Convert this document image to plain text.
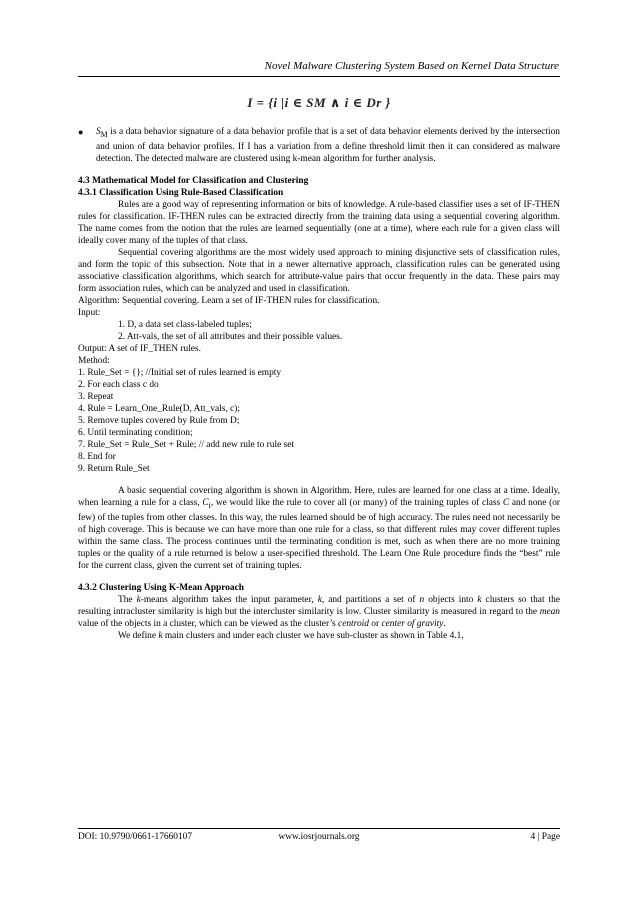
Novel Malware Clustering System Based on Kernel Data Structure
I = {i |i ∈ SM ∧ i ∈ Dr }
●	$S_M$ is a data behavior signature of a data behavior profile that is a set of data behavior elements derived by the intersection and union of data behavior profiles. If I has a variation from a define threshold limit then it can considered as malware detection. The detected malware are clustered using k-mean algorithm for further analysis.

4.3 Mathematical Model for Classification and Clustering

4.3.1 Classification Using Rule-Based Classification

Rules are a good way of representing information or bits of knowledge. A rule-based classifier uses a set of IF-THEN rules for classification. IF-THEN rules can be extracted directly from the training data using a sequential covering algorithm. The name comes from the notion that the rules are learned sequentially (one at a time), where each rule for a given class will ideally cover many of the tuples of that class.

Sequential covering algorithms are the most widely used approach to mining disjunctive sets of classification rules, and form the topic of this subsection. Note that in a newer alternative approach, classification rules can be generated using associative classification algorithms, which search for attribute-value pairs that occur frequently in the data. These pairs may form association rules, which can be analyzed and used in classification.

Algorithm: Sequential covering. Learn a set of IF-THEN rules for classification.

Input:

1. D, a data set class-labeled tuples;

2. Att-vals, the set of all attributes and their possible values.

Output: A set of IF_THEN rules.

Method:

1. Rule_Set = {}; //Initial set of rules learned is empty

2. For each class c do

3. Repeat

4. Rule = Learn_One_Rule(D, Att_vals, c);

5. Remove tuples covered by Rule from D;

6. Until terminating condition;

7. Rule_Set = Rule_Set + Rule; // add new rule to rule set

8. End for

9. Return Rule_Set

A basic sequential covering algorithm is shown in Algorithm. Here, rules are learned for one class at a time. Ideally, when learning a rule for a class, $C_i$, we would like the rule to cover all (or many) of the training tuples of class C and none (or few) of the tuples from other classes. In this way, the rules learned should be of high accuracy. The rules need not necessarily be of high coverage. This is because we can have more than one rule for a class, so that different rules may cover different tuples within the same class. The process continues until the terminating condition is met, such as when there are no more training tuples or the quality of a rule returned is below a user-specified threshold. The Learn One Rule procedure finds the “best” rule for the current class, given the current set of training tuples.

4.3.2 Clustering Using K-Mean Approach

The k-means algorithm takes the input parameter, k, and partitions a set of n objects into k clusters so that the resulting intracluster similarity is high but the intercluster similarity is low. Cluster similarity is measured in regard to the mean value of the objects in a cluster, which can be viewed as the cluster’s centroid or center of gravity.

We define k main clusters and under each cluster we have sub-cluster as shown in Table 4.1,

DOI: 10.9790/0661-17660107	www.iosrjournals.org	4 | Page
